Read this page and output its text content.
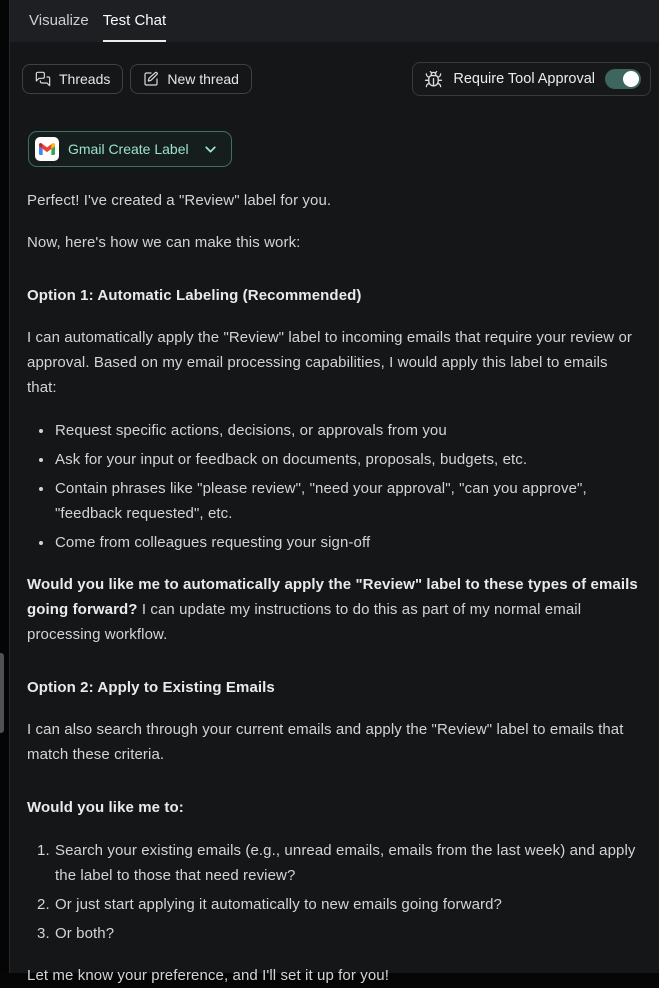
Visualize Test Chat
Threads	New thread	Require Tool Approval
Gmail Create Label

Perfect! I've created a "Review" label for you.

Now, here's how we can make this work:

Option 1: Automatic Labeling (Recommended)

I can automatically apply the "Review" label to incoming emails that require your review or approval. Based on my email processing capabilities, I would apply this label to emails that:

• Request specific actions, decisions, or approvals from you
• Ask for your input or feedback on documents, proposals, budgets, etc.
• Contain phrases like "please review", "need your approval", "can you approve", "feedback requested", etc.
• Come from colleagues requesting your sign-off

Would you like me to automatically apply the "Review" label to these types of emails going forward? I can update my instructions to do this as part of my normal email processing workflow.

Option 2: Apply to Existing Emails

I can also search through your current emails and apply the "Review" label to emails that match these criteria.

Would you like me to:

1. Search your existing emails (e.g., unread emails, emails from the last week) and apply the label to those that need review?
2. Or just start applying it automatically to new emails going forward?
3. Or both?

Let me know your preference, and I'll set it up for you!
